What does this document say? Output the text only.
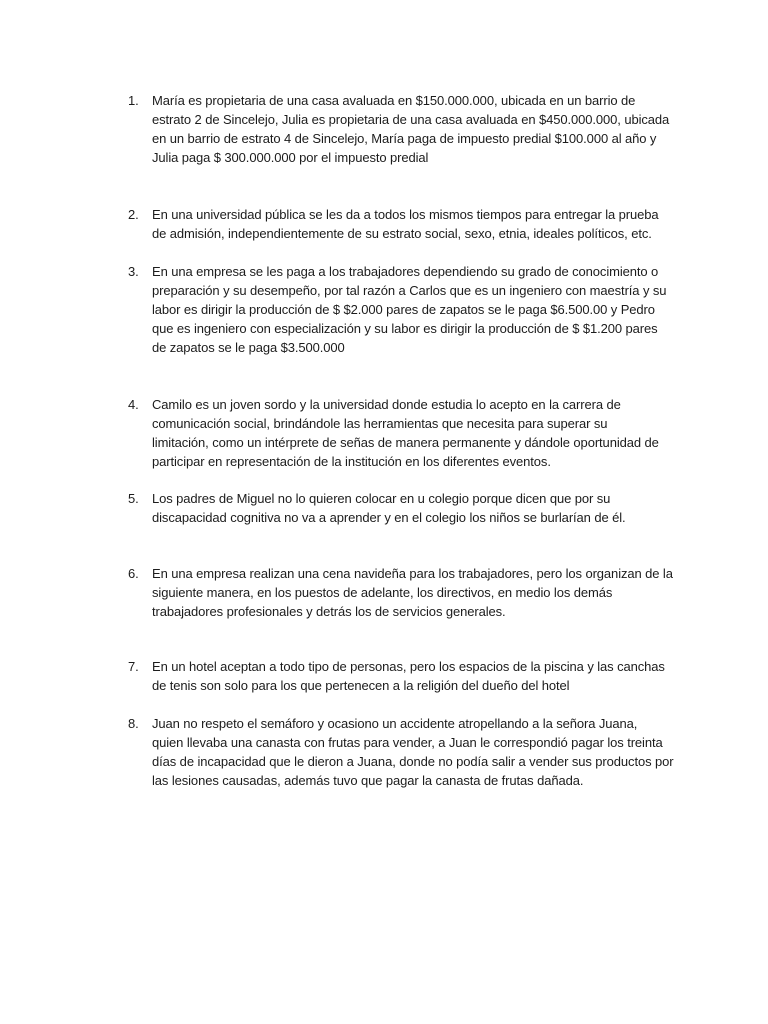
1.	María es propietaria de una casa avaluada en $150.000.000, ubicada en un barrio de
estrato 2 de Sincelejo, Julia es propietaria de una casa avaluada en $450.000.000, ubicada
en un barrio de estrato 4 de Sincelejo, María paga de impuesto predial $100.000 al año y
Julia paga $ 300.000.000 por el impuesto predial
2.	En una universidad pública se les da a todos los mismos tiempos para entregar la prueba
de admisión, independientemente de su estrato social, sexo, etnia, ideales políticos, etc.
3.	En una empresa se les paga a los trabajadores dependiendo su grado de conocimiento o
preparación y su desempeño, por tal razón a Carlos que es un ingeniero con maestría y su
labor es dirigir la producción de $ $2.000 pares de zapatos se le paga $6.500.00 y Pedro
que es ingeniero con especialización y su labor es dirigir la producción de $ $1.200 pares
de zapatos se le paga $3.500.000
4.	Camilo es un joven sordo y la universidad donde estudia lo acepto en la carrera de
comunicación social, brindándole las herramientas que necesita para superar su
limitación, como un intérprete de señas de manera permanente y dándole oportunidad de
participar en representación de la institución en los diferentes eventos.
5.	Los padres de Miguel no lo quieren colocar en u colegio porque dicen que por su
discapacidad cognitiva no va a aprender y en el colegio los niños se burlarían de él.
6.	En una empresa realizan una cena navideña para los trabajadores, pero los organizan de la
siguiente manera, en los puestos de adelante, los directivos, en medio los demás
trabajadores profesionales y detrás los de servicios generales.
7.	En un hotel aceptan a todo tipo de personas, pero los espacios de la piscina y las canchas
de tenis son solo para los que pertenecen a la religión del dueño del hotel
8.	Juan no respeto el semáforo y ocasiono un accidente atropellando a la señora Juana,
quien llevaba una canasta con frutas para vender, a Juan le correspondió pagar los treinta
días de incapacidad que le dieron a Juana, donde no podía salir a vender sus productos por
las lesiones causadas, además tuvo que pagar la canasta de frutas dañada.
